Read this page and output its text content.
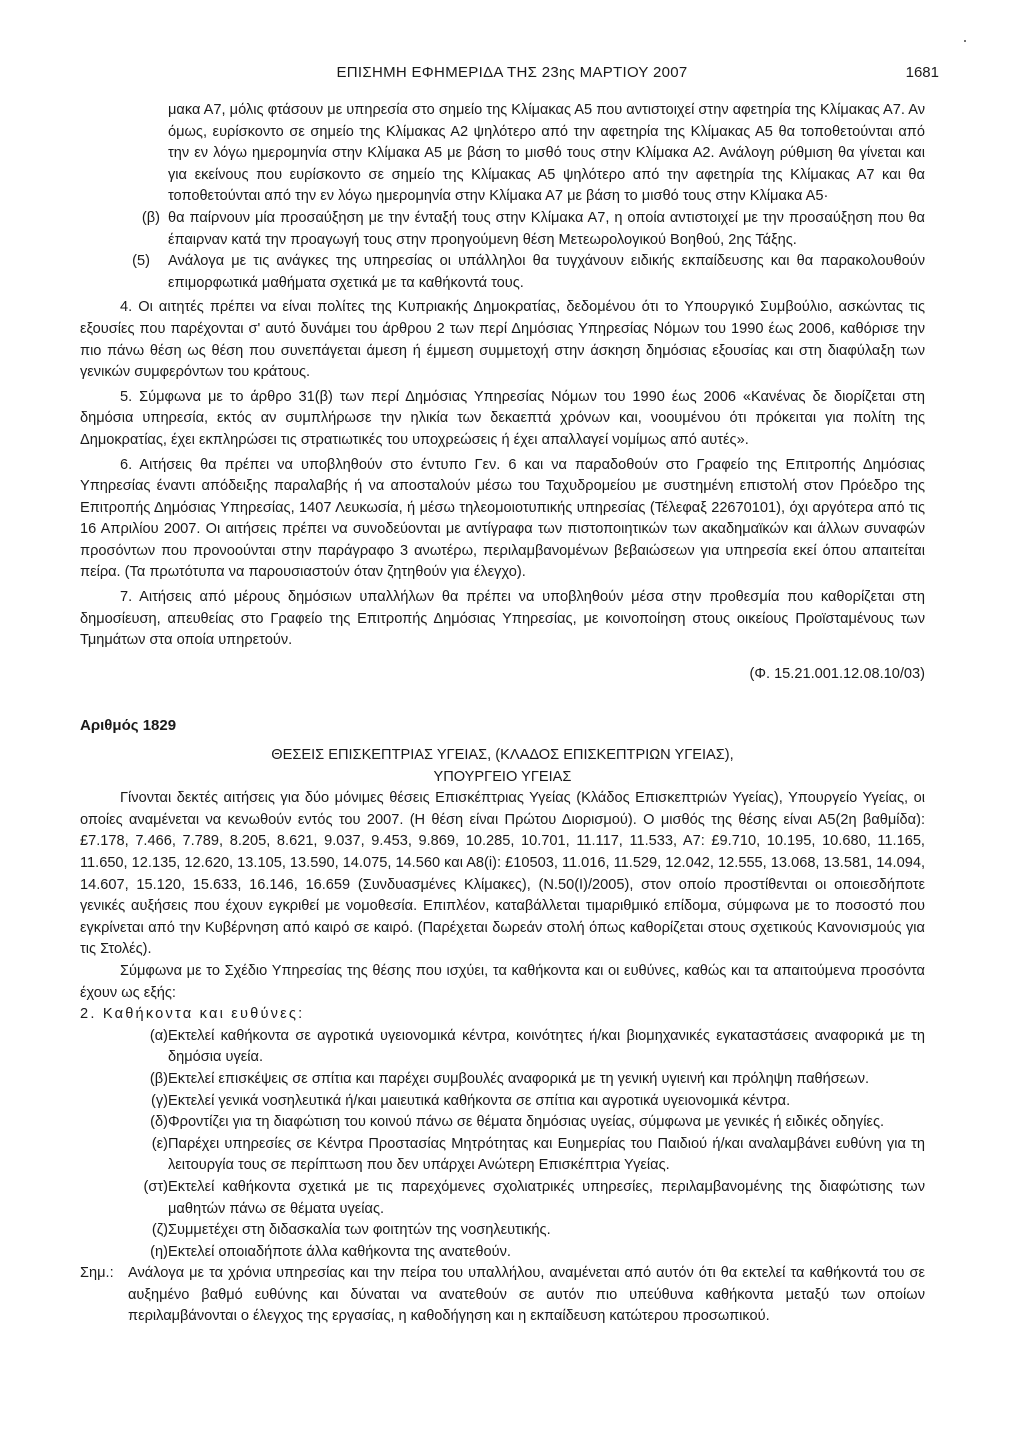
ΕΠΙΣΗΜΗ ΕΦΗΜΕΡΙΔΑ ΤΗΣ 23ης ΜΑΡΤΙΟΥ 2007	1681

μακα Α7, μόλις φτάσουν με υπηρεσία στο σημείο της Κλίμακας Α5 που αντιστοιχεί στην αφετηρία της Κλίμακας Α7. Αν όμως, ευρίσκοντο σε σημείο της Κλίμακας Α2 ψηλότερο από την αφετηρία της Κλίμακας Α5 θα τοποθετούνται από την εν λόγω ημερομηνία στην Κλίμακα Α5 με βάση το μισθό τους στην Κλίμακα Α2. Ανάλογη ρύθμιση θα γίνεται και για εκείνους που ευρίσκοντο σε σημείο της Κλίμακας Α5 ψηλότερο από την αφετηρία της Κλίμακας Α7 και θα τοποθετούνται από την εν λόγω ημερομηνία στην Κλίμακα Α7 με βάση το μισθό τους στην Κλίμακα Α5·

(β) θα παίρνουν μία προσαύξηση με την ένταξή τους στην Κλίμακα Α7, η οποία αντιστοιχεί με την προσαύξηση που θα έπαιρναν κατά την προαγωγή τους στην προηγούμενη θέση Μετεωρολογικού Βοηθού, 2ης Τάξης.

(5) Ανάλογα με τις ανάγκες της υπηρεσίας οι υπάλληλοι θα τυγχάνουν ειδικής εκπαίδευσης και θα παρακολουθούν επιμορφωτικά μαθήματα σχετικά με τα καθήκοντά τους.

4. Οι αιτητές πρέπει να είναι πολίτες της Κυπριακής Δημοκρατίας, δεδομένου ότι το Υπουργικό Συμβούλιο, ασκώντας τις εξουσίες που παρέχονται σ' αυτό δυνάμει του άρθρου 2 των περί Δημόσιας Υπηρεσίας Νόμων του 1990 έως 2006, καθόρισε την πιο πάνω θέση ως θέση που συνεπάγεται άμεση ή έμμεση συμμετοχή στην άσκηση δημόσιας εξουσίας και στη διαφύλαξη των γενικών συμφερόντων του κράτους.

5. Σύμφωνα με το άρθρο 31(β) των περί Δημόσιας Υπηρεσίας Νόμων του 1990 έως 2006 «Κανένας δε διορίζεται στη δημόσια υπηρεσία, εκτός αν συμπλήρωσε την ηλικία των δεκαεπτά χρόνων και, νοουμένου ότι πρόκειται για πολίτη της Δημοκρατίας, έχει εκπληρώσει τις στρατιωτικές του υποχρεώσεις ή έχει απαλλαγεί νομίμως από αυτές».

6. Αιτήσεις θα πρέπει να υποβληθούν στο έντυπο Γεν. 6 και να παραδοθούν στο Γραφείο της Επιτροπής Δημόσιας Υπηρεσίας έναντι απόδειξης παραλαβής ή να αποσταλούν μέσω του Ταχυδρομείου με συστημένη επιστολή στον Πρόεδρο της Επιτροπής Δημόσιας Υπηρεσίας, 1407 Λευκωσία, ή μέσω τηλεομοιοτυπικής υπηρεσίας (Τέλεφαξ 22670101), όχι αργότερα από τις 16 Απριλίου 2007. Οι αιτήσεις πρέπει να συνοδεύονται με αντίγραφα των πιστοποιητικών των ακαδημαϊκών και άλλων συναφών προσόντων που προνοούνται στην παράγραφο 3 ανωτέρω, περιλαμβανομένων βεβαιώσεων για υπηρεσία εκεί όπου απαιτείται πείρα. (Τα πρωτότυπα να παρουσιαστούν όταν ζητηθούν για έλεγχο).

7. Αιτήσεις από μέρους δημόσιων υπαλλήλων θα πρέπει να υποβληθούν μέσα στην προθεσμία που καθορίζεται στη δημοσίευση, απευθείας στο Γραφείο της Επιτροπής Δημόσιας Υπηρεσίας, με κοινοποίηση στους οικείους Προϊσταμένους των Τμημάτων στα οποία υπηρετούν.

(Φ. 15.21.001.12.08.10/03)

Αριθμός 1829

ΘΕΣΕΙΣ ΕΠΙΣΚΕΠΤΡΙΑΣ ΥΓΕΙΑΣ, (ΚΛΑΔΟΣ ΕΠΙΣΚΕΠΤΡΙΩΝ ΥΓΕΙΑΣ),

ΥΠΟΥΡΓΕΙΟ ΥΓΕΙΑΣ

Γίνονται δεκτές αιτήσεις για δύο μόνιμες θέσεις Επισκέπτριας Υγείας (Κλάδος Επισκεπτριών Υγείας), Υπουργείο Υγείας, οι οποίες αναμένεται να κενωθούν εντός του 2007. (Η θέση είναι Πρώτου Διορισμού). Ο μισθός της θέσης είναι Α5(2η βαθμίδα): £7.178, 7.466, 7.789, 8.205, 8.621, 9.037, 9.453, 9.869, 10.285, 10.701, 11.117, 11.533, Α7: £9.710, 10.195, 10.680, 11.165, 11.650, 12.135, 12.620, 13.105, 13.590, 14.075, 14.560 και Α8(i): £10503, 11.016, 11.529, 12.042, 12.555, 13.068, 13.581, 14.094, 14.607, 15.120, 15.633, 16.146, 16.659 (Συνδυασμένες Κλίμακες), (Ν.50(Ι)/2005), στον οποίο προστίθενται οι οποιεσδήποτε γενικές αυξήσεις που έχουν εγκριθεί με νομοθεσία. Επιπλέον, καταβάλλεται τιμαριθμικό επίδομα, σύμφωνα με το ποσοστό που εγκρίνεται από την Κυβέρνηση από καιρό σε καιρό. (Παρέχεται δωρεάν στολή όπως καθορίζεται στους σχετικούς Κανονισμούς για τις Στολές).

Σύμφωνα με το Σχέδιο Υπηρεσίας της θέσης που ισχύει, τα καθήκοντα και οι ευθύνες, καθώς και τα απαιτούμενα προσόντα έχουν ως εξής:

2. Καθήκοντα και ευθύνες:

(α) Εκτελεί καθήκοντα σε αγροτικά υγειονομικά κέντρα, κοινότητες ή/και βιομηχανικές εγκαταστάσεις αναφορικά με τη δημόσια υγεία.

(β) Εκτελεί επισκέψεις σε σπίτια και παρέχει συμβουλές αναφορικά με τη γενική υγιεινή και πρόληψη παθήσεων.

(γ) Εκτελεί γενικά νοσηλευτικά ή/και μαιευτικά καθήκοντα σε σπίτια και αγροτικά υγειονομικά κέντρα.

(δ) Φροντίζει για τη διαφώτιση του κοινού πάνω σε θέματα δημόσιας υγείας, σύμφωνα με γενικές ή ειδικές οδηγίες.

(ε) Παρέχει υπηρεσίες σε Κέντρα Προστασίας Μητρότητας και Ευημερίας του Παιδιού ή/και αναλαμβάνει ευθύνη για τη λειτουργία τους σε περίπτωση που δεν υπάρχει Ανώτερη Επισκέπτρια Υγείας.

(στ) Εκτελεί καθήκοντα σχετικά με τις παρεχόμενες σχολιατρικές υπηρεσίες, περιλαμβανομένης της διαφώτισης των μαθητών πάνω σε θέματα υγείας.

(ζ) Συμμετέχει στη διδασκαλία των φοιτητών της νοσηλευτικής.

(η) Εκτελεί οποιαδήποτε άλλα καθήκοντα της ανατεθούν.

Σημ.: Ανάλογα με τα χρόνια υπηρεσίας και την πείρα του υπαλλήλου, αναμένεται από αυτόν ότι θα εκτελεί τα καθήκοντά του σε αυξημένο βαθμό ευθύνης και δύναται να ανατεθούν σε αυτόν πιο υπεύθυνα καθήκοντα μεταξύ των οποίων περιλαμβάνονται ο έλεγχος της εργασίας, η καθοδήγηση και η εκπαίδευση κατώτερου προσωπικού.
